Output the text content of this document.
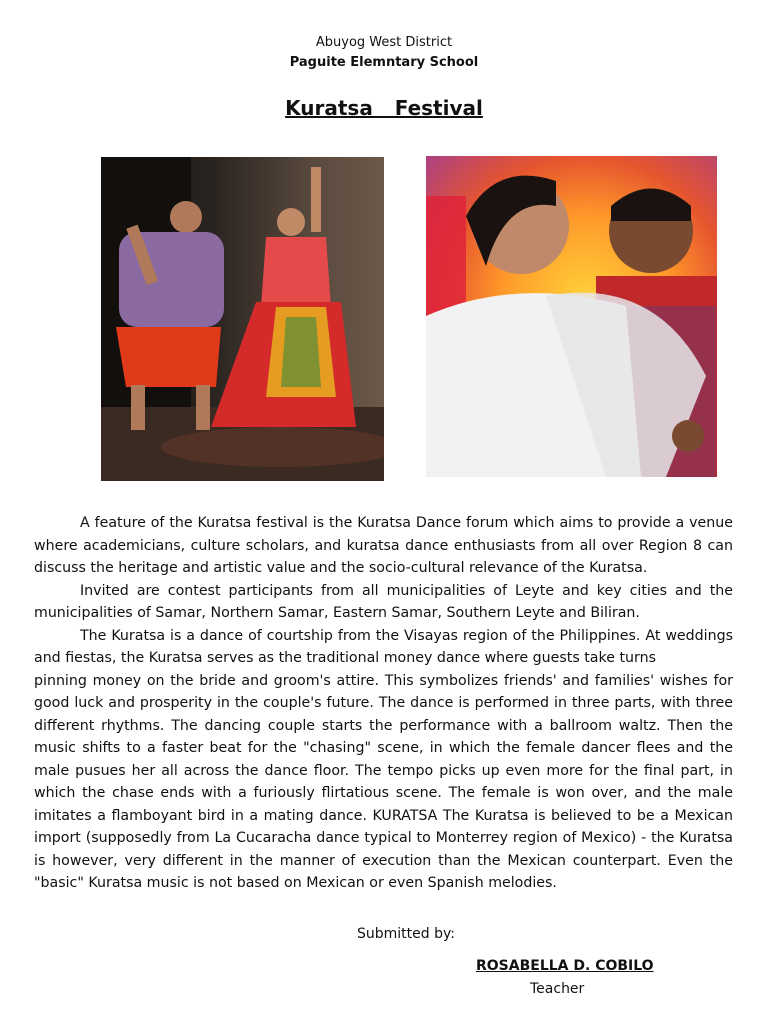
Abuyog West District
Paguite Elemntary School
Kuratsa  Festival

A feature of the Kuratsa festival is the Kuratsa Dance forum which aims to provide a venue where academicians, culture scholars, and kuratsa dance enthusiasts from all over Region 8 can discuss the heritage and artistic value and the socio-cultural relevance of the Kuratsa.

Invited are contest participants from all municipalities of Leyte and key cities and the municipalities of Samar, Northern Samar, Eastern Samar, Southern Leyte and Biliran.

The Kuratsa is a dance of courtship from the Visayas region of the Philippines. At weddings and fiestas, the Kuratsa serves as the traditional money dance where guests take turns

pinning money on the bride and groom's attire. This symbolizes friends' and families' wishes for good luck and prosperity in the couple's future. The dance is performed in three parts, with three different rhythms. The dancing couple starts the performance with a ballroom waltz. Then the music shifts to a faster beat for the "chasing" scene, in which the female dancer flees and the male pusues her all across the dance floor. The tempo picks up even more for the final part, in which the chase ends with a furiously flirtatious scene. The female is won over, and the male imitates a flamboyant bird in a mating dance. KURATSA The Kuratsa is believed to be a Mexican import (supposedly from La Cucaracha dance typical to Monterrey region of Mexico) - the Kuratsa is however, very different in the manner of execution than the Mexican counterpart. Even the "basic" Kuratsa music is not based on Mexican or even Spanish melodies.

Submitted by:
ROSABELLA D. COBILO
Teacher
